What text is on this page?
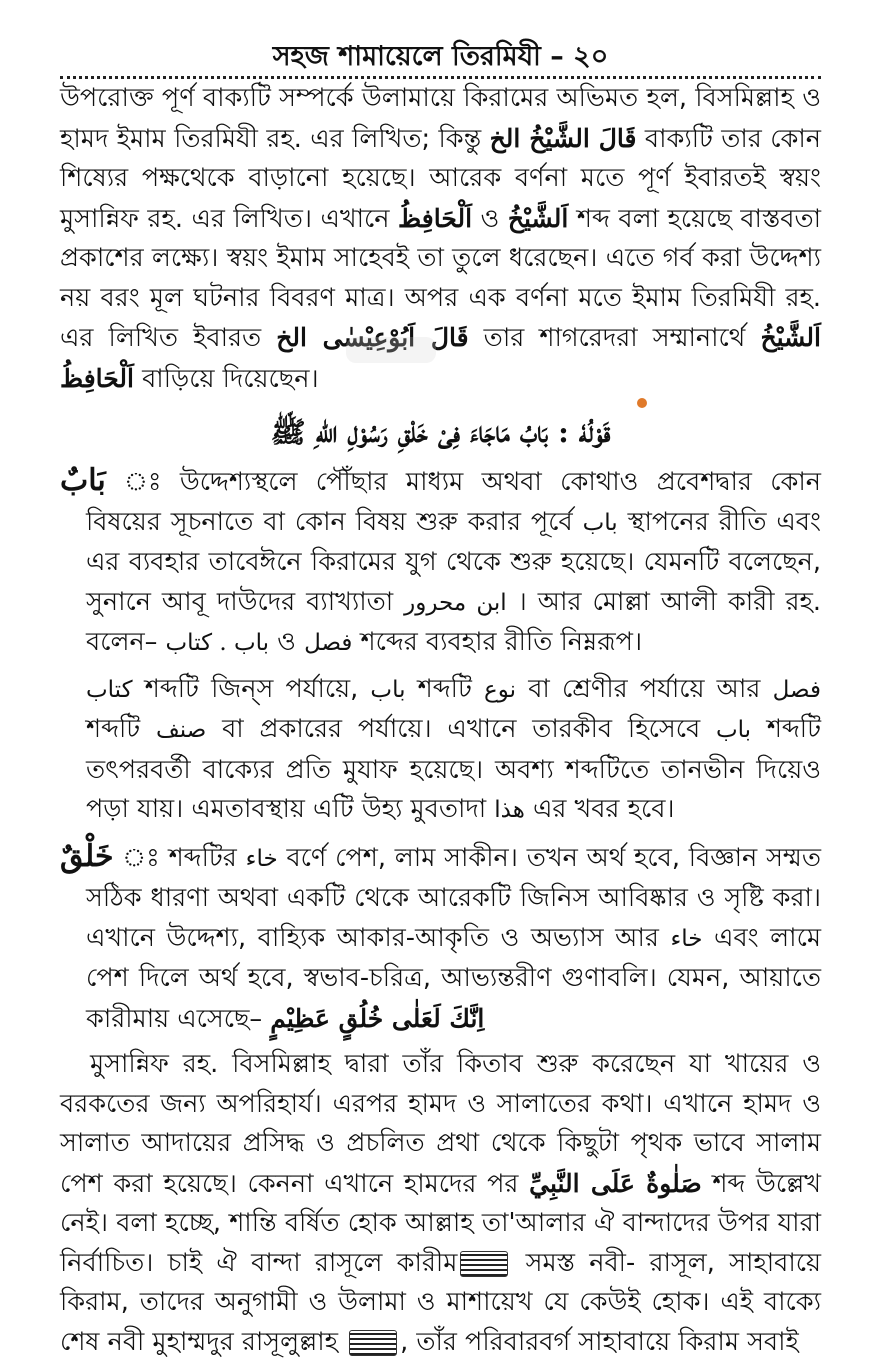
সহজ শামায়েলে তিরমিযী – ২০

উপরোক্ত পূর্ণ বাক্যটি সম্পর্কে উলামায়ে কিরামের অভিমত হল, বিসমিল্লাহ ও হামদ ইমাম তিরমিযী রহ. এর লিখিত; কিন্তু قَالَ الشَّيْخُ الخ বাক্যটি তার কোন শিষ্যের পক্ষথেকে বাড়ানো হয়েছে। আরেক বর্ণনা মতে পূর্ণ ইবারতই স্বয়ং মুসান্নিফ রহ. এর লিখিত। এখানে اَلْحَافِظُ ও اَلشَّيْخُ শব্দ বলা হয়েছে বাস্তবতা প্রকাশের লক্ষ্যে। স্বয়ং ইমাম সাহেবই তা তুলে ধরেছেন। এতে গর্ব করা উদ্দেশ্য নয় বরং মূল ঘটনার বিবরণ মাত্র। অপর এক বর্ণনা মতে ইমাম তিরমিযী রহ. এর লিখিত ইবারত قَالَ اَبُوْعِيْسٰى الخ তার শাগরেদরা সম্মানার্থে اَلشَّيْخُ اَلْحَافِظُ বাড়িয়ে দিয়েছেন।

قَوْلُهٗ : بَابُ مَاجَاءَ فِىْ خَلْقِ رَسُوْلِ اللّٰهِ ﷺ

بَابٌ ঃ উদ্দেশ্যস্থলে পৌঁছার মাধ্যম অথবা কোথাও প্রবেশদ্বার কোন বিষয়ের সূচনাতে বা কোন বিষয় শুরু করার পূর্বে باب স্থাপনের রীতি এবং এর ব্যবহার তাবেঈনে কিরামের যুগ থেকে শুরু হয়েছে। যেমনটি বলেছেন, সুনানে আবূ দাউদের ব্যাখ্যাতা ابن محرور । আর মোল্লা আলী কারী রহ. বলেন– باب . كتاب ও فصل শব্দের ব্যবহার রীতি নিম্নরূপ।

كتاب শব্দটি জিন্‌স পর্যায়ে, باب শব্দটি نوع বা শ্রেণীর পর্যায়ে আর فصل শব্দটি صنف বা প্রকারের পর্যায়ে। এখানে তারকীব হিসেবে باب শব্দটি তৎপরবর্তী বাক্যের প্রতি মুযাফ হয়েছে। অবশ্য শব্দটিতে তানভীন দিয়েও পড়া যায়। এমতাবস্থায় এটি উহ্য মুবতাদা هذا এর খবর হবে।

خَلْقٌ ঃ শব্দটির خاء বর্ণে পেশ, লাম সাকীন। তখন অর্থ হবে, বিজ্ঞান সম্মত সঠিক ধারণা অথবা একটি থেকে আরেকটি জিনিস আবিষ্কার ও সৃষ্টি করা। এখানে উদ্দেশ্য, বাহ্যিক আকার-আকৃতি ও অভ্যাস আর خاء এবং লামে পেশ দিলে অর্থ হবে, স্বভাব-চরিত্র, আভ্যন্তরীণ গুণাবলি। যেমন, আয়াতে কারীমায় এসেছে– اِنَّكَ لَعَلٰى خُلُقٍ عَظِيْمٍ

মুসান্নিফ রহ. বিসমিল্লাহ দ্বারা তাঁর কিতাব শুরু করেছেন যা খায়ের ও বরকতের জন্য অপরিহার্য। এরপর হামদ ও সালাতের কথা। এখানে হামদ ও সালাত আদায়ের প্রসিদ্ধ ও প্রচলিত প্রথা থেকে কিছুটা পৃথক ভাবে সালাম পেশ করা হয়েছে। কেননা এখানে হামদের পর صَلٰوةٌ عَلَى النَّبِيِّ শব্দ উল্লেখ নেই। বলা হচ্ছে, শান্তি বর্ষিত হোক আল্লাহ তা'আলার ঐ বান্দাদের উপর যারা নির্বাচিত। চাই ঐ বান্দা রাসূলে কারীম সমস্ত নবী- রাসূল, সাহাবায়ে কিরাম, তাদের অনুগামী ও উলামা ও মাশায়েখ যে কেউই হোক। এই বাক্যে শেষ নবী মুহাম্মদুর রাসূলুল্লাহ , তাঁর পরিবারবর্গ সাহাবায়ে কিরাম সবাই
